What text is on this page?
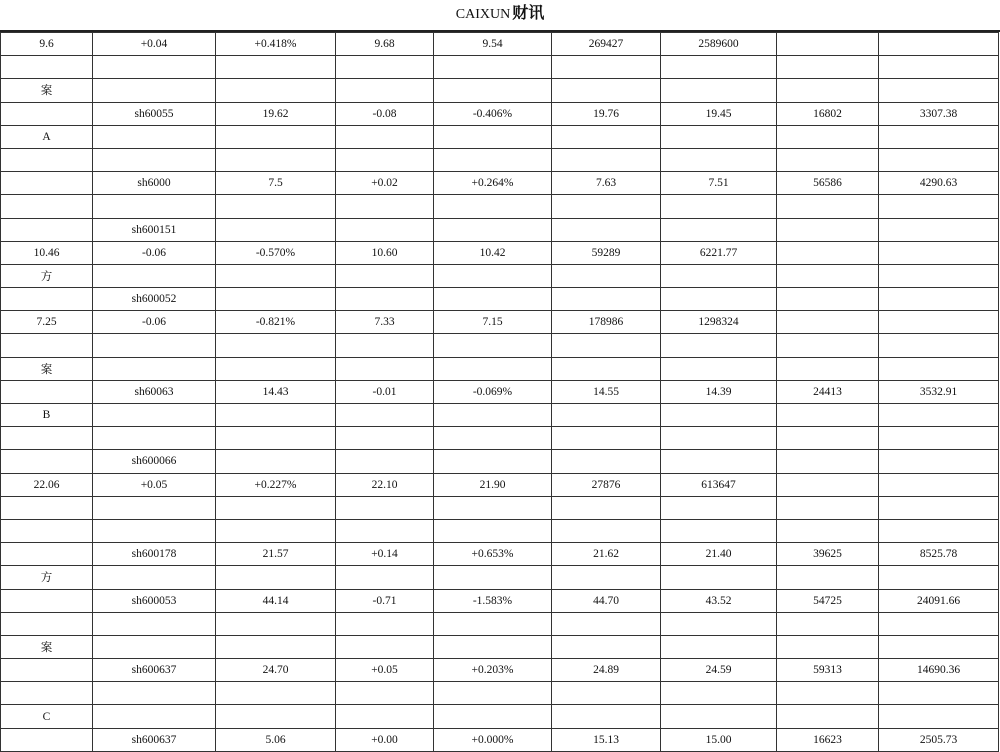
CAIXUN 财讯
9.6	+0.04	+0.418%	9.68	9.54	269427	2589600		

案								
	sh60055	19.62	-0.08	-0.406%	19.76	19.45	16802	3307.38
A								

	sh6000	7.5	+0.02	+0.264%	7.63	7.51	56586	4290.63

	sh600151							
10.46	-0.06	-0.570%	10.60	10.42	59289	6221.77		
方								
	sh600052							
7.25	-0.06	-0.821%	7.33	7.15	178986	1298324		

案								
	sh60063	14.43	-0.01	-0.069%	14.55	14.39	24413	3532.91
B								

	sh600066							
22.06	+0.05	+0.227%	22.10	21.90	27876	613647		

	sh600178	21.57	+0.14	+0.653%	21.62	21.40	39625	8525.78
方								
	sh600053	44.14	-0.71	-1.583%	44.70	43.52	54725	24091.66

案								
	sh600637	24.70	+0.05	+0.203%	24.89	24.59	59313	14690.36

C								
	sh600637	5.06	+0.00	+0.000%	15.13	15.00	16623	2505.73
